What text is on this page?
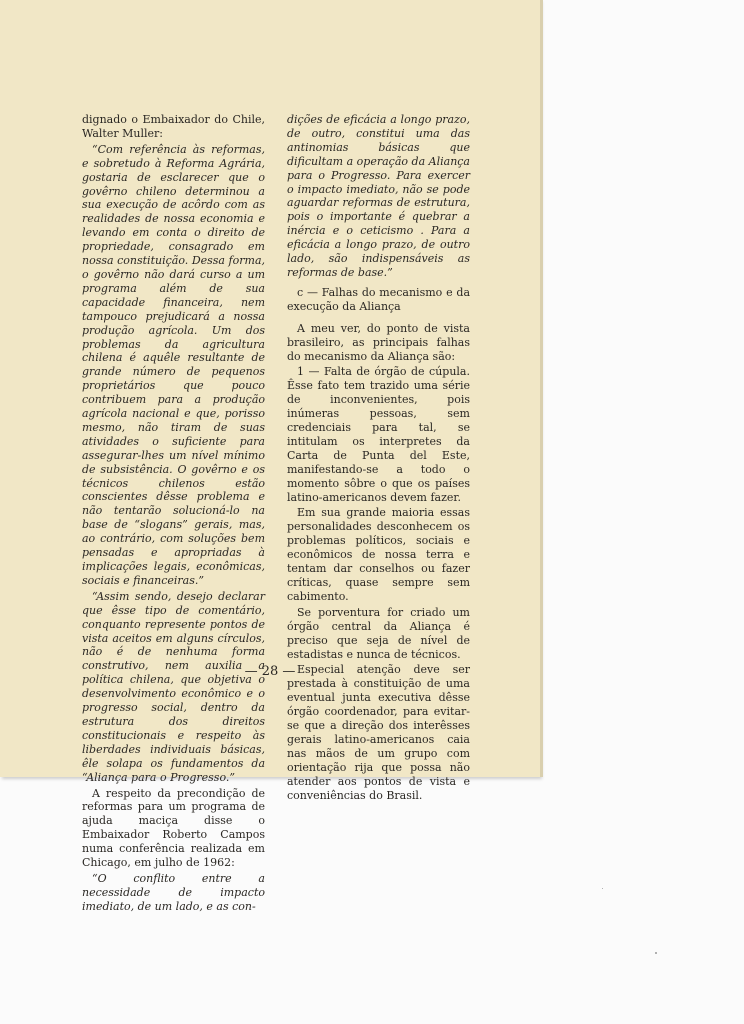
dignado o Embaixador do Chile, Walter Muller:

“Com referência às reformas, e sobretudo à Reforma Agrária, gostaria de esclarecer que o govêrno chileno determinou a sua execução de acôrdo com as realidades de nossa economia e levando em conta o direito de propriedade, consagrado em nossa constituição. Dessa forma, o govêrno não dará curso a um programa além de sua capacidade financeira, nem tampouco prejudicará a nossa produção agrícola. Um dos problemas da agricultura chilena é aquêle resultante de grande número de pequenos proprietários que pouco contribuem para a produção agrícola nacional e que, porisso mesmo, não tiram de suas atividades o suficiente para assegurar-lhes um nível mínimo de subsistência. O govêrno e os técnicos chilenos estão conscientes dêsse problema e não tentarão solucioná-lo na base de “slogans” gerais, mas, ao contrário, com soluções bem pensadas e apropriadas à implicações legais, econômicas, sociais e financeiras.”

“Assim sendo, desejo declarar que êsse tipo de comentário, conquanto represente pontos de vista aceitos em alguns círculos, não é de nenhuma forma construtivo, nem auxilia a política chilena, que objetiva o desenvolvimento econômico e o progresso social, dentro da estrutura dos direitos constitucionais e respeito às liberdades individuais básicas, êle solapa os fundamentos da “Aliança para o Progresso.”

A respeito da precondição de reformas para um programa de ajuda maciça disse o Embaixador Roberto Campos numa conferência realizada em Chicago, em julho de 1962:

“O conflito entre a necessidade de impacto imediato, de um lado, e as con-

dições de eficácia a longo prazo, de outro, constitui uma das antinomias básicas que dificultam a operação da Aliança para o Progresso. Para exercer o impacto imediato, não se pode aguardar reformas de estrutura, pois o importante é quebrar a inércia e o ceticismo . Para a eficácia a longo prazo, de outro lado, são indispensáveis as reformas de base.”

c — Falhas do mecanismo e da execução da Aliança

A meu ver, do ponto de vista brasileiro, as principais falhas do mecanismo da Aliança são:

1 — Falta de órgão de cúpula. Êsse fato tem trazido uma série de inconvenientes, pois inúmeras pessoas, sem credenciais para tal, se intitulam os interpretes da Carta de Punta del Este, manifestando-se a todo o momento sôbre o que os países latino-americanos devem fazer.

Em sua grande maioria essas personalidades desconhecem os problemas políticos, sociais e econômicos de nossa terra e tentam dar conselhos ou fazer críticas, quase sempre sem cabimento.

Se porventura for criado um órgão central da Aliança é preciso que seja de nível de estadistas e nunca de técnicos.

Especial atenção deve ser prestada à constituição de uma eventual junta executiva dêsse órgão coordenador, para evitar-se que a direção dos interêsses gerais latino-americanos caia nas mãos de um grupo com orientação rija que possa não atender aos pontos de vista e conveniências do Brasil.

— 28 —
